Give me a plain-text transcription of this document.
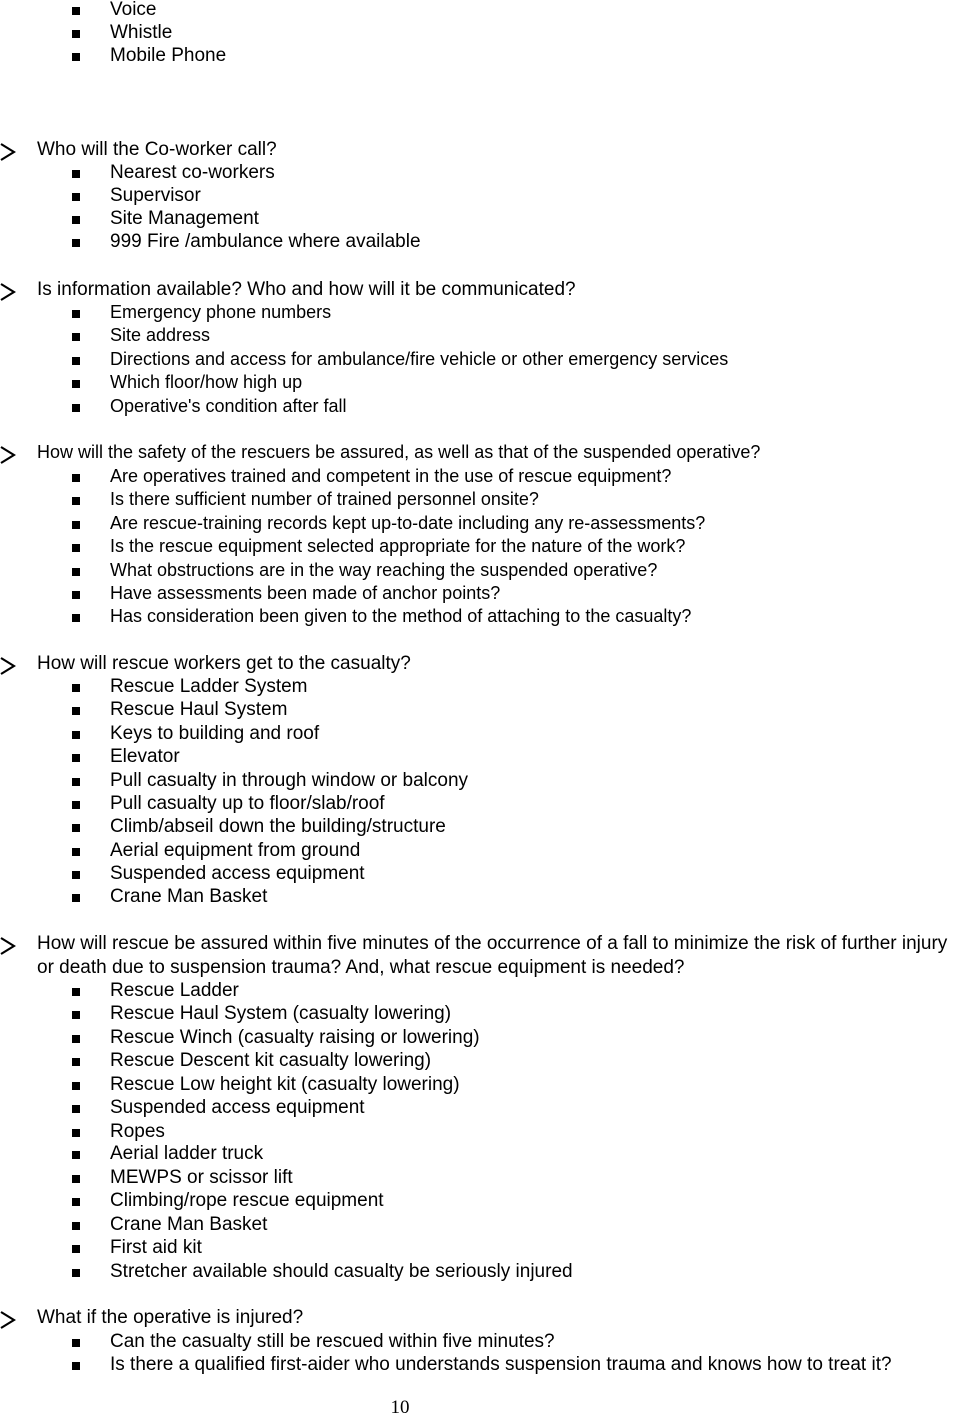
Voice
Whistle
Mobile Phone
Who will the Co-worker call?
Nearest co-workers
Supervisor
Site Management
999 Fire /ambulance where available
Is information available? Who and how will it be communicated?
Emergency phone numbers
Site address
Directions and access for ambulance/fire vehicle or other emergency services
Which floor/how high up
Operative's condition after fall
How will the safety of the rescuers be assured, as well as that of the suspended operative?
Are operatives trained and competent in the use of rescue equipment?
Is there sufficient number of trained personnel onsite?
Are rescue-training records kept up-to-date including any re-assessments?
Is the rescue equipment selected appropriate for the nature of the work?
What obstructions are in the way reaching the suspended operative?
Have assessments been made of anchor points?
Has consideration been given to the method of attaching to the casualty?
How will rescue workers get to the casualty?
Rescue Ladder System
Rescue Haul System
Keys to building and roof
Elevator
Pull casualty in through window or balcony
Pull casualty up to floor/slab/roof
Climb/abseil down the building/structure
Aerial equipment from ground
Suspended access equipment
Crane Man Basket
How will rescue be assured within five minutes of the occurrence of a fall to minimize the risk of further injury or death due to suspension trauma? And, what rescue equipment is needed?
Rescue Ladder
Rescue Haul System (casualty lowering)
Rescue Winch (casualty raising or lowering)
Rescue Descent kit casualty lowering)
Rescue Low height kit (casualty lowering)
Suspended access equipment
Ropes
Aerial ladder truck
MEWPS or scissor lift
Climbing/rope rescue equipment
Crane Man Basket
First aid kit
Stretcher available should casualty be seriously injured
What if the operative is injured?
Can the casualty still be rescued within five minutes?
Is there a qualified first-aider who understands suspension trauma and knows how to treat it?
10
